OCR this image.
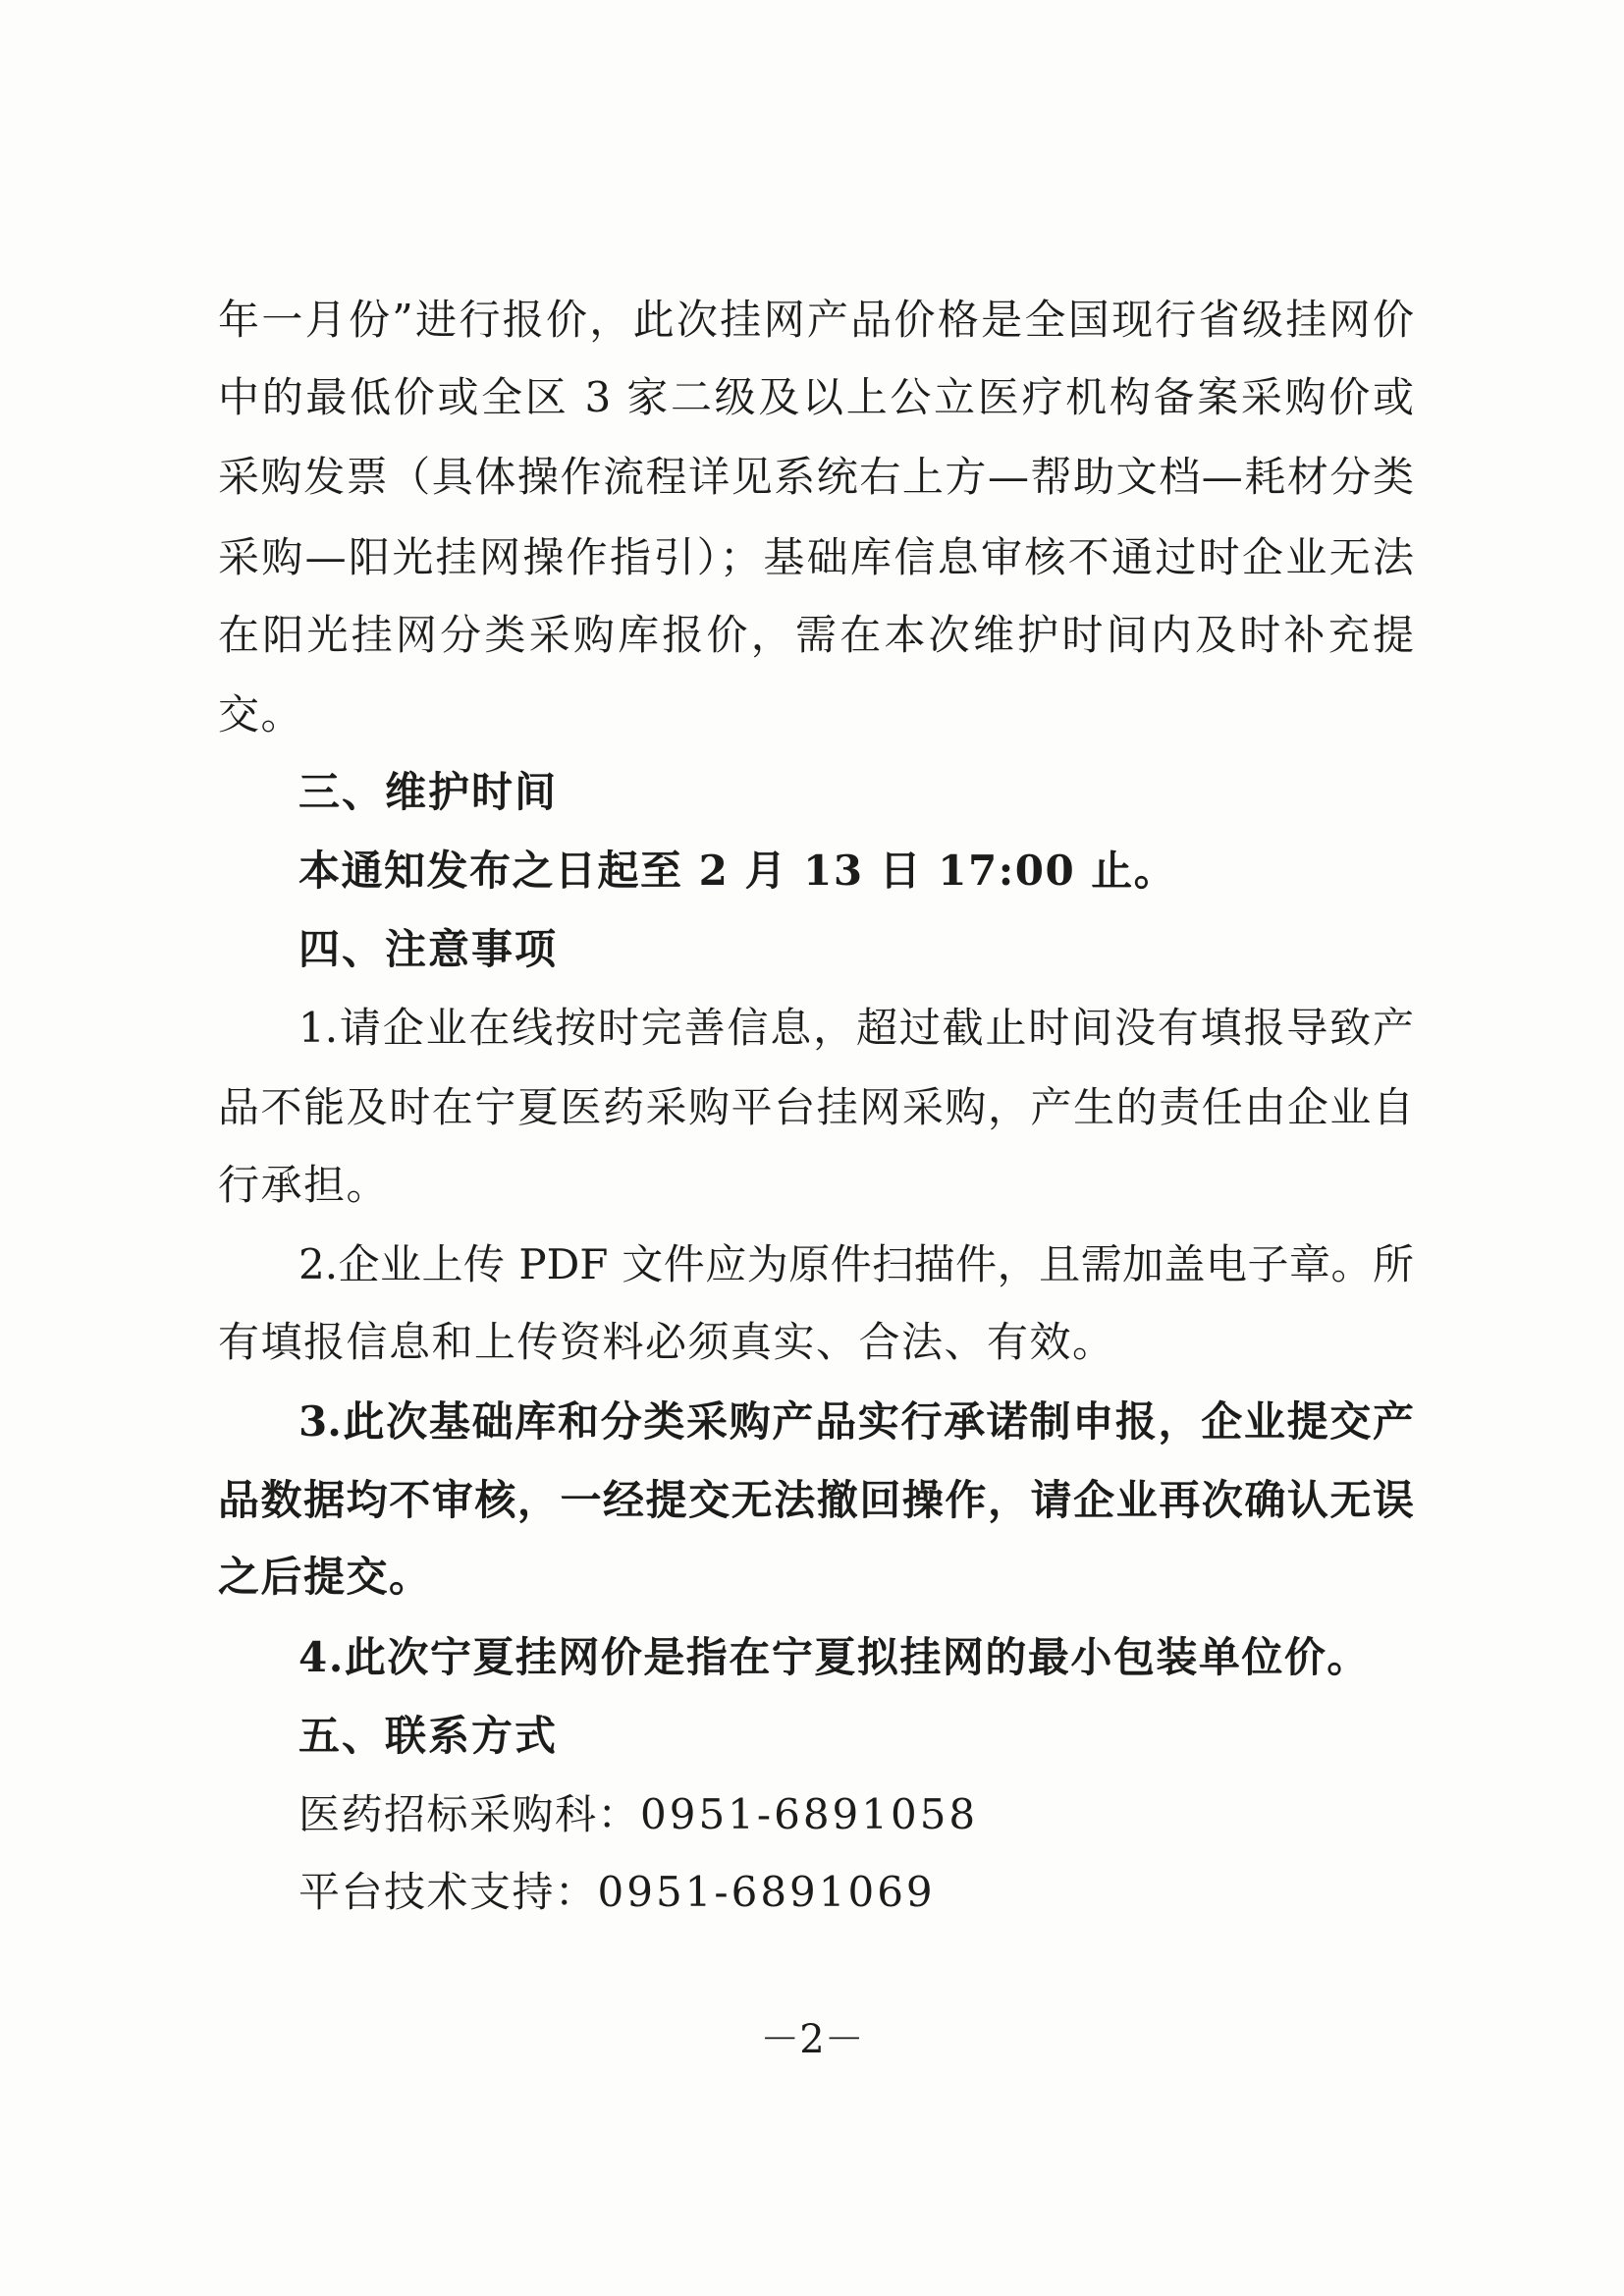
年一月份”进行报价，此次挂网产品价格是全国现行省级挂网价
中的最低价或全区 3 家二级及以上公立医疗机构备案采购价或
采购发票（具体操作流程详见系统右上方—帮助文档—耗材分类
采购—阳光挂网操作指引）；基础库信息审核不通过时企业无法
在阳光挂网分类采购库报价，需在本次维护时间内及时补充提
交。
三、维护时间
本通知发布之日起至 2 月 13 日 17:00 止。
四、注意事项
1.请企业在线按时完善信息，超过截止时间没有填报导致产
品不能及时在宁夏医药采购平台挂网采购，产生的责任由企业自
行承担。
2.企业上传 PDF 文件应为原件扫描件，且需加盖电子章。所
有填报信息和上传资料必须真实、合法、有效。
3.此次基础库和分类采购产品实行承诺制申报，企业提交产
品数据均不审核，一经提交无法撤回操作，请企业再次确认无误
之后提交。
4.此次宁夏挂网价是指在宁夏拟挂网的最小包装单位价。
五、联系方式
医药招标采购科：0951-6891058
平台技术支持：0951-6891069
－2－
